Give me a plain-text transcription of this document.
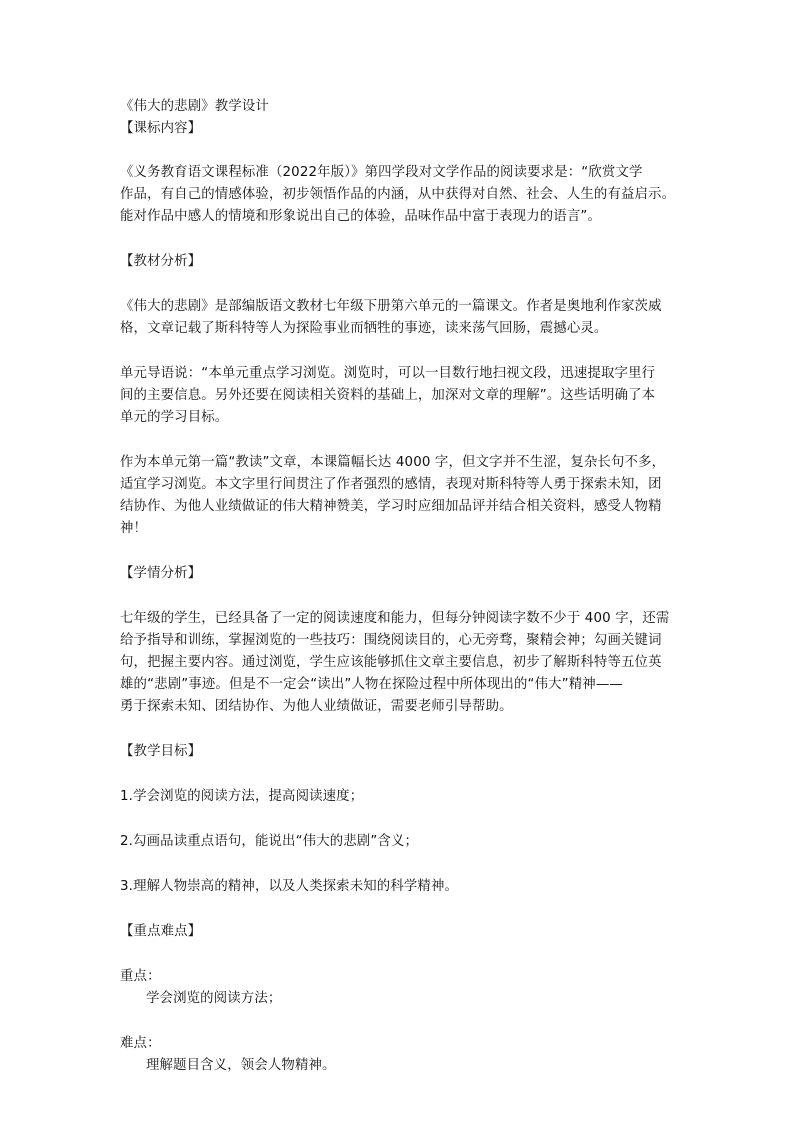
《伟大的悲剧》教学设计
【课标内容】

《义务教育语文课程标准（2022年版）》第四学段对文学作品的阅读要求是：“欣赏文学
作品，有自己的情感体验，初步领悟作品的内涵，从中获得对自然、社会、人生的有益启示。
能对作品中感人的情境和形象说出自己的体验，品味作品中富于表现力的语言”。

【教材分析】

《伟大的悲剧》是部编版语文教材七年级下册第六单元的一篇课文。作者是奥地利作家茨威
格，文章记载了斯科特等人为探险事业而牺牲的事迹，读来荡气回肠，震撼心灵。

单元导语说：“本单元重点学习浏览。浏览时，可以一目数行地扫视文段，迅速提取字里行
间的主要信息。另外还要在阅读相关资料的基础上，加深对文章的理解”。这些话明确了本
单元的学习目标。

作为本单元第一篇“教读”文章，本课篇幅长达 4000 字，但文字并不生涩，复杂长句不多，
适宜学习浏览。本文字里行间贯注了作者强烈的感情，表现对斯科特等人勇于探索未知，团
结协作、为他人业绩做证的伟大精神赞美，学习时应细加品评并结合相关资料，感受人物精
神！

【学情分析】

七年级的学生，已经具备了一定的阅读速度和能力，但每分钟阅读字数不少于 400 字，还需
给予指导和训练，掌握浏览的一些技巧：围绕阅读目的，心无旁骛，聚精会神；勾画关键词
句，把握主要内容。通过浏览，学生应该能够抓住文章主要信息，初步了解斯科特等五位英
雄的“悲剧”事迹。但是不一定会“读出”人物在探险过程中所体现出的“伟大”精神——
勇于探索未知、团结协作、为他人业绩做证，需要老师引导帮助。

【教学目标】
1.学会浏览的阅读方法，提高阅读速度；
2.勾画品读重点语句，能说出“伟大的悲剧”含义；
3.理解人物崇高的精神，以及人类探索未知的科学精神。
【重点难点】
重点：
学会浏览的阅读方法；
难点：
理解题目含义，领会人物精神。
